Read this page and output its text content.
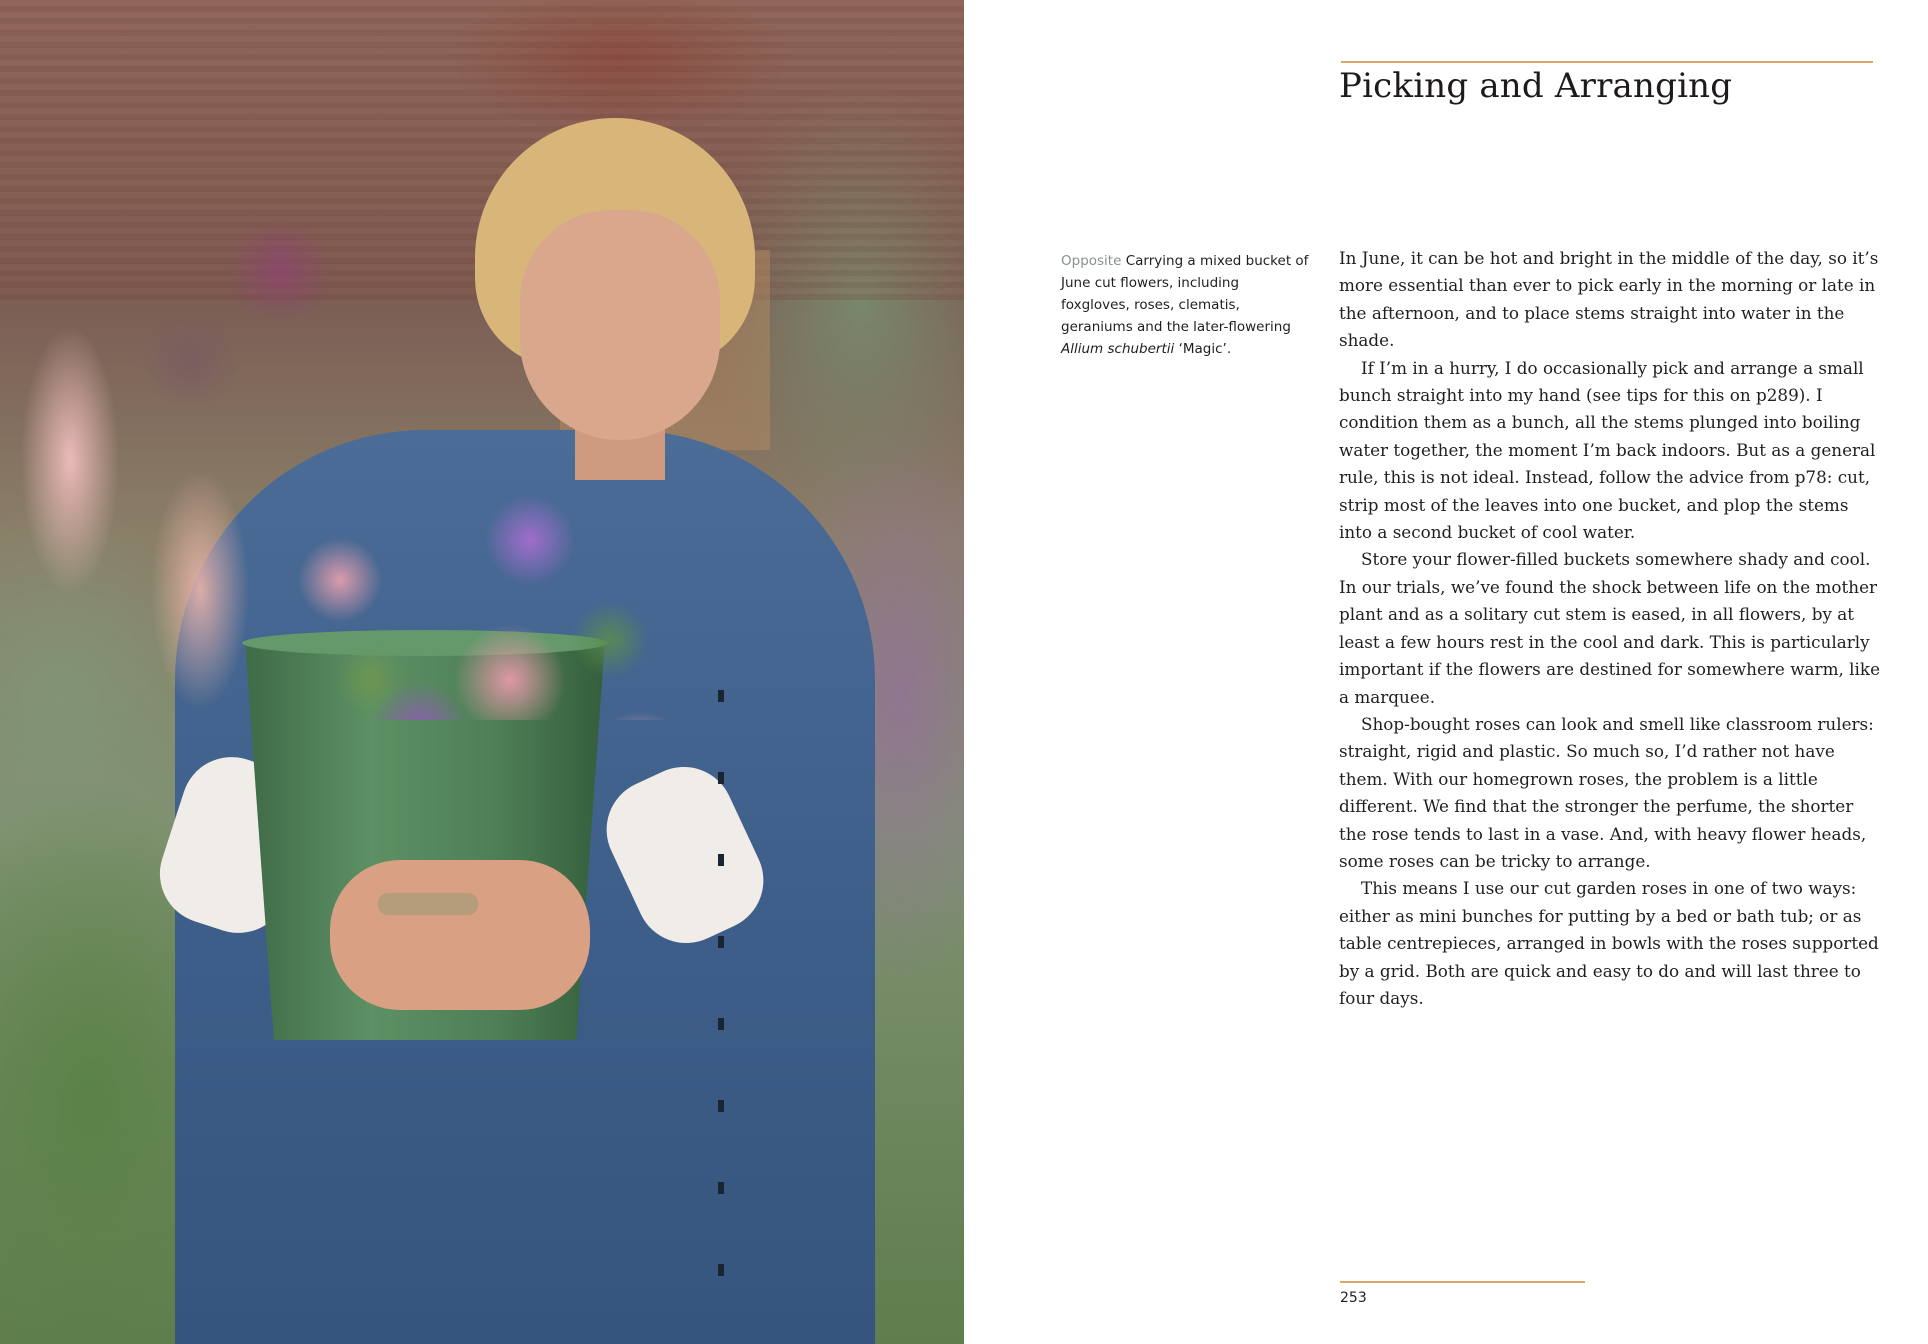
Picking and Arranging
Opposite Carrying a mixed bucket of June cut flowers, including foxgloves, roses, clematis, geraniums and the later-flowering Allium schubertii ‘Magic’.

In June, it can be hot and bright in the middle of the day, so it’s more essential than ever to pick early in the morning or late in the afternoon, and to place stems straight into water in the shade.

If I’m in a hurry, I do occasionally pick and arrange a small bunch straight into my hand (see tips for this on p289). I condition them as a bunch, all the stems plunged into boiling water together, the moment I’m back indoors. But as a general rule, this is not ideal. Instead, follow the advice from p78: cut, strip most of the leaves into one bucket, and plop the stems into a second bucket of cool water.

Store your flower-filled buckets somewhere shady and cool. In our trials, we’ve found the shock between life on the mother plant and as a solitary cut stem is eased, in all flowers, by at least a few hours rest in the cool and dark. This is particularly important if the flowers are destined for somewhere warm, like a marquee.

Shop-bought roses can look and smell like classroom rulers: straight, rigid and plastic. So much so, I’d rather not have them. With our homegrown roses, the problem is a little different. We find that the stronger the perfume, the shorter the rose tends to last in a vase. And, with heavy flower heads, some roses can be tricky to arrange.

This means I use our cut garden roses in one of two ways: either as mini bunches for putting by a bed or bath tub; or as table centrepieces, arranged in bowls with the roses supported by a grid. Both are quick and easy to do and will last three to four days.

253
